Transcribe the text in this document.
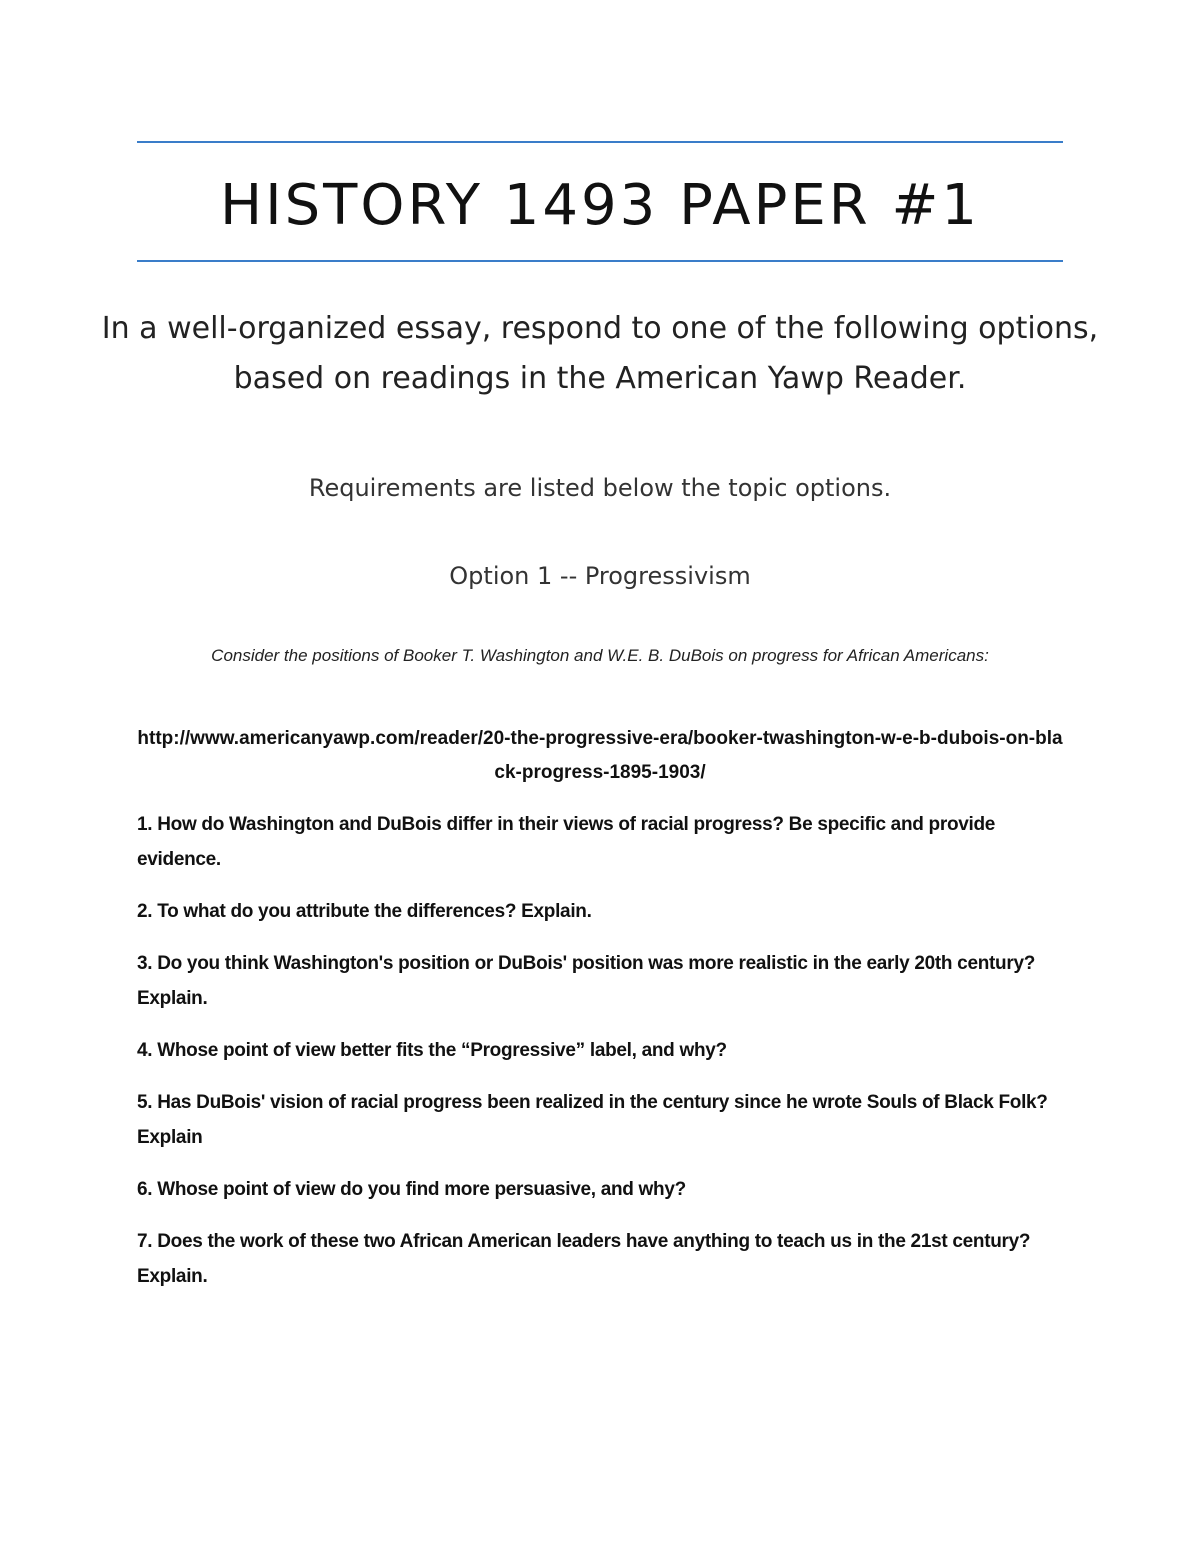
HISTORY 1493 PAPER #1
In a well-organized essay, respond to one of the following options, based on readings in the American Yawp Reader.
Requirements are listed below the topic options.
Option 1 -- Progressivism
Consider the positions of Booker T. Washington and W.E. B. DuBois on progress for African Americans:
http://www.americanyawp.com/reader/20-the-progressive-era/booker-twashington-w-e-b-dubois-on-black-progress-1895-1903/
1. How do Washington and DuBois differ in their views of racial progress? Be specific and provide evidence.
2. To what do you attribute the differences? Explain.
3. Do you think Washington's position or DuBois' position was more realistic in the early 20th century? Explain.
4. Whose point of view better fits the “Progressive” label, and why?
5. Has DuBois' vision of racial progress been realized in the century since he wrote Souls of Black Folk? Explain
6. Whose point of view do you find more persuasive, and why?
7. Does the work of these two African American leaders have anything to teach us in the 21st century? Explain.
